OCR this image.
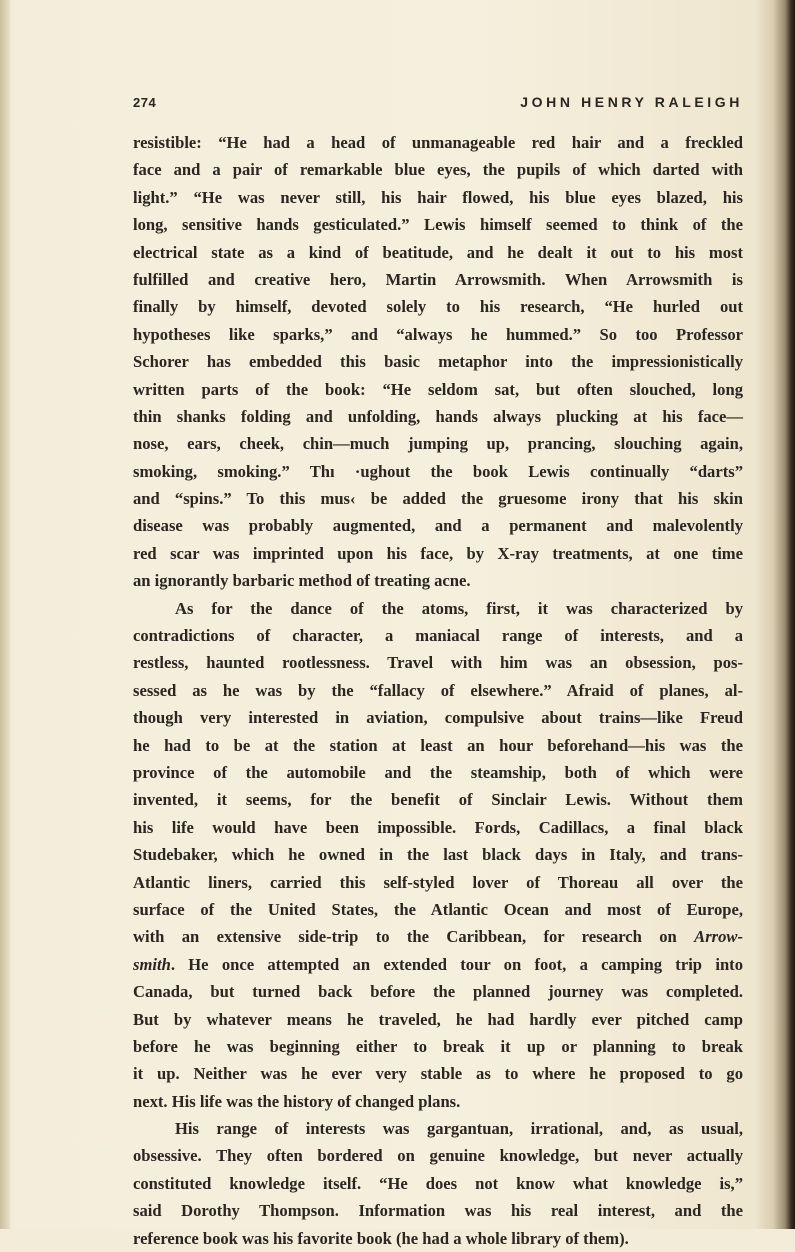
274	JOHN HENRY RALEIGH
resistible: “He had a head of unmanageable red hair and a freckled
face and a pair of remarkable blue eyes, the pupils of which darted with
light.” “He was never still, his hair flowed, his blue eyes blazed, his
long, sensitive hands gesticulated.” Lewis himself seemed to think of the
electrical state as a kind of beatitude, and he dealt it out to his most
fulfilled and creative hero, Martin Arrowsmith. When Arrowsmith is
finally by himself, devoted solely to his research, “He hurled out
hypotheses like sparks,” and “always he hummed.” So too Professor
Schorer has embedded this basic metaphor into the impressionistically
written parts of the book: “He seldom sat, but often slouched, long
thin shanks folding and unfolding, hands always plucking at his face—
nose, ears, cheek, chin—much jumping up, prancing, slouching again,
smoking, smoking.” Thı ·ughout the book Lewis continually “darts”
and “spins.” To this mus‹ be added the gruesome irony that his skin
disease was probably augmented, and a permanent and malevolently
red scar was imprinted upon his face, by X-ray treatments, at one time
an ignorantly barbaric method of treating acne.
As for the dance of the atoms, first, it was characterized by
contradictions of character, a maniacal range of interests, and a
restless, haunted rootlessness. Travel with him was an obsession, pos-
sessed as he was by the “fallacy of elsewhere.” Afraid of planes, al-
though very interested in aviation, compulsive about trains—like Freud
he had to be at the station at least an hour beforehand—his was the
province of the automobile and the steamship, both of which were
invented, it seems, for the benefit of Sinclair Lewis. Without them
his life would have been impossible. Fords, Cadillacs, a final black
Studebaker, which he owned in the last black days in Italy, and trans-
Atlantic liners, carried this self-styled lover of Thoreau all over the
surface of the United States, the Atlantic Ocean and most of Europe,
with an extensive side-trip to the Caribbean, for research on Arrow-
smith. He once attempted an extended tour on foot, a camping trip into
Canada, but turned back before the planned journey was completed.
But by whatever means he traveled, he had hardly ever pitched camp
before he was beginning either to break it up or planning to break
it up. Neither was he ever very stable as to where he proposed to go
next. His life was the history of changed plans.
His range of interests was gargantuan, irrational, and, as usual,
obsessive. They often bordered on genuine knowledge, but never actually
constituted knowledge itself. “He does not know what knowledge is,”
said Dorothy Thompson. Information was his real interest, and the
reference book was his favorite book (he had a whole library of them).
